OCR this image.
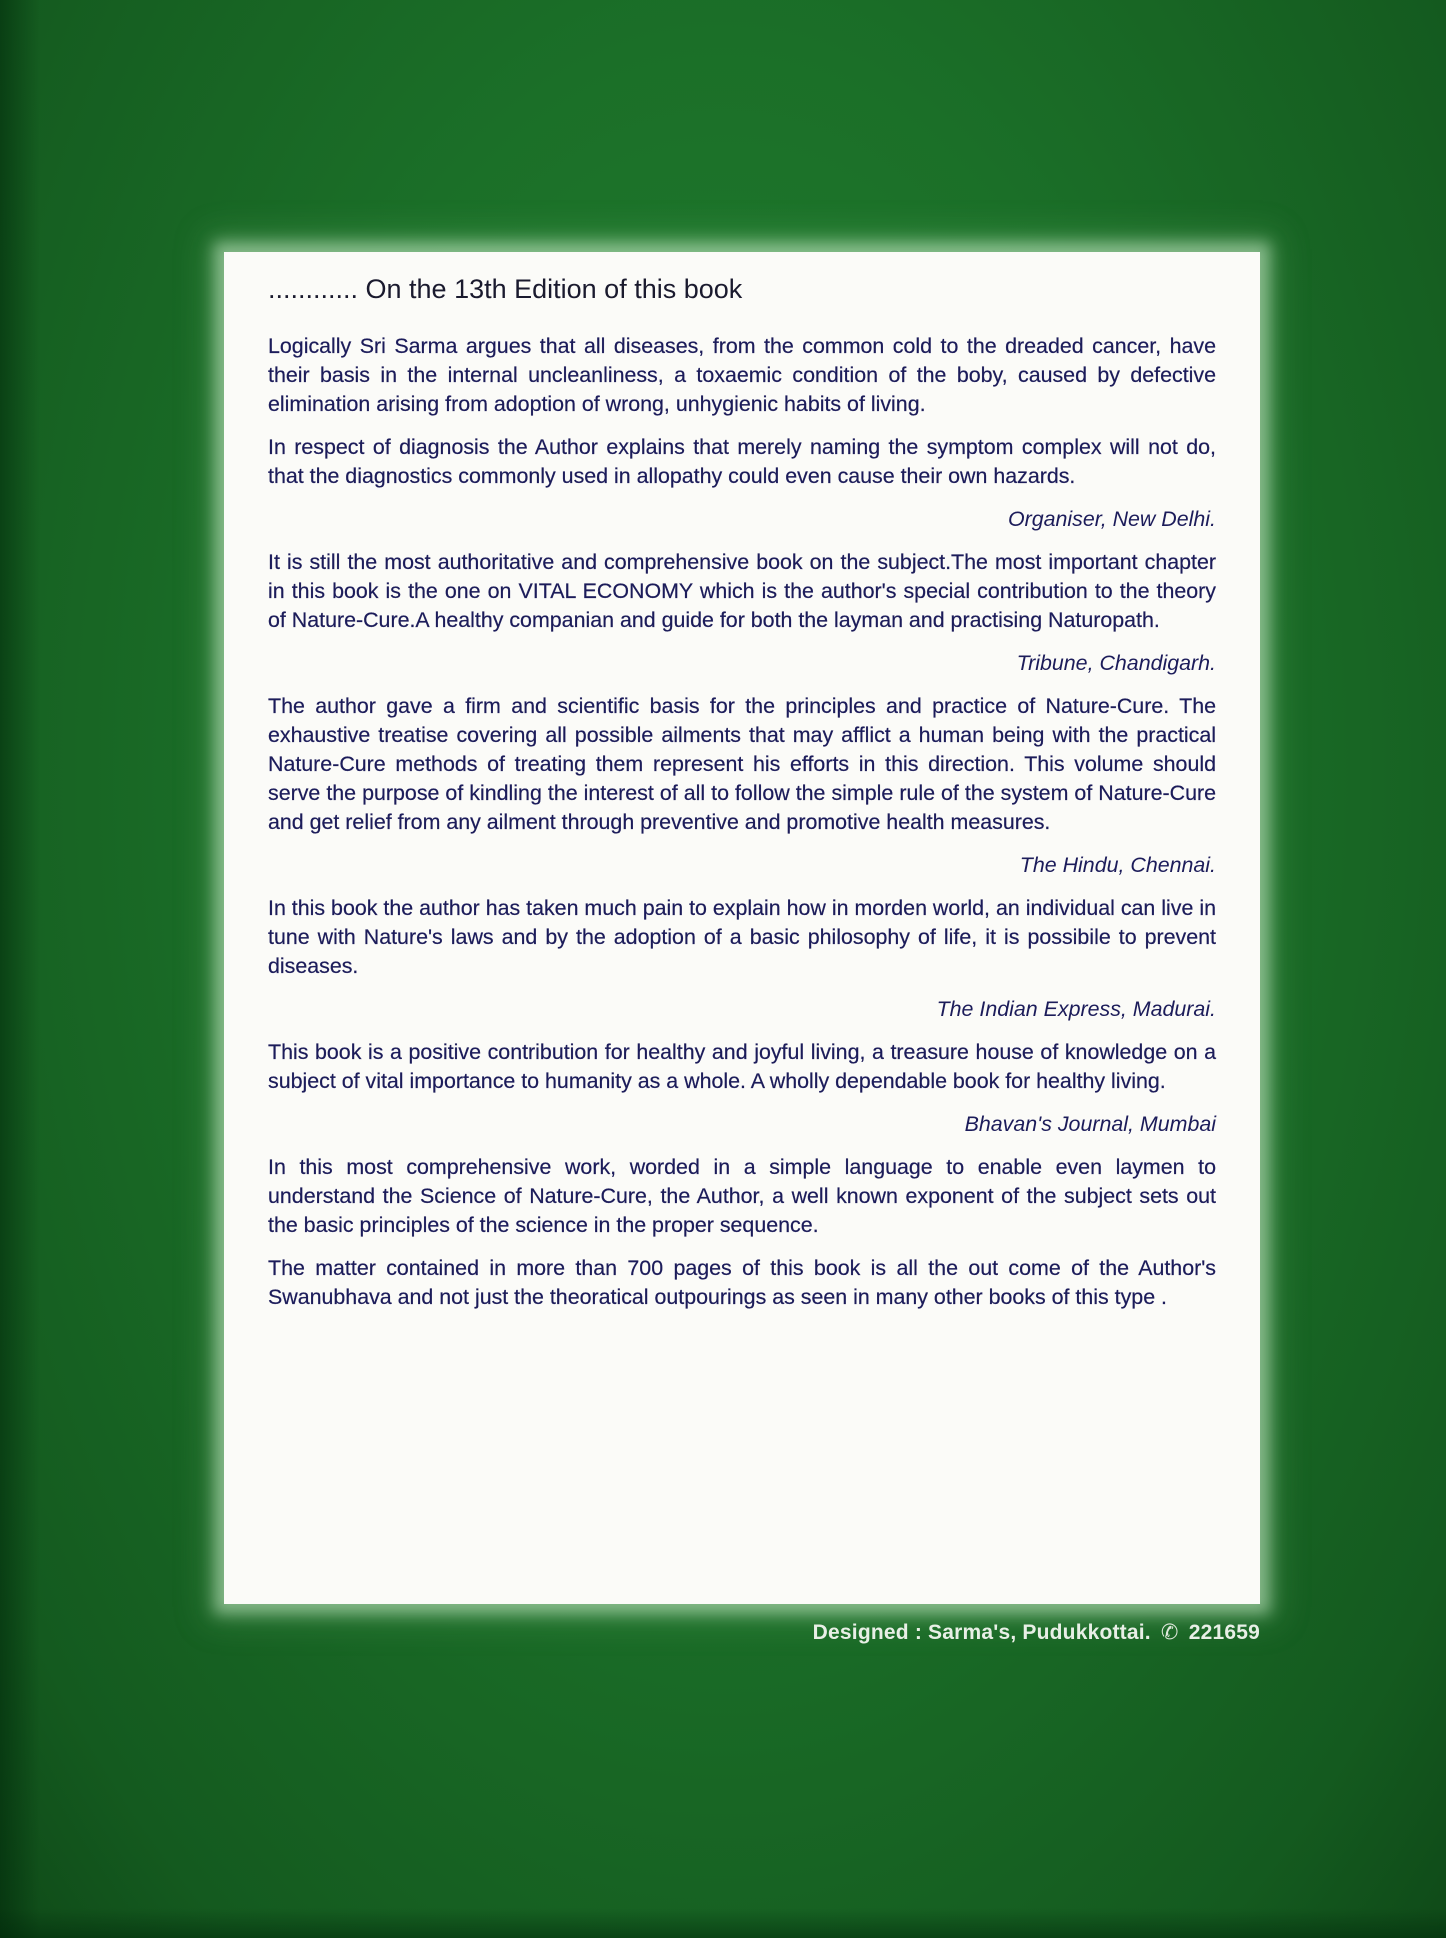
............ On the 13th Edition of this book

Logically Sri Sarma argues that all diseases, from the common cold to the dreaded cancer, have their basis in the internal uncleanliness, a toxaemic condition of the boby, caused by defective elimination arising from adoption of wrong, unhygienic habits of living.

In respect of diagnosis the Author explains that merely naming the symptom complex will not do, that the diagnostics commonly used in allopathy could even cause their own hazards.

Organiser, New Delhi.

It is still the most authoritative and comprehensive book on the subject.The most important chapter in this book is the one on VITAL ECONOMY which is the author's special contribution to the theory of Nature-Cure.A healthy companian and guide for both the layman and practising Naturopath.

Tribune, Chandigarh.

The author gave a firm and scientific basis for the principles and practice of Nature-Cure. The exhaustive treatise covering all possible ailments that may afflict a human being with the practical Nature-Cure methods of treating them represent his efforts in this direction. This volume should serve the purpose of kindling the interest of all to follow the simple rule of the system of Nature-Cure and get relief from any ailment through preventive and promotive health measures.

The Hindu, Chennai.

In this book the author has taken much pain to explain how in morden world, an individual can live in tune with Nature's laws and by the adoption of a basic philosophy of life, it is possibile to prevent diseases.

The Indian Express, Madurai.

This book is a positive contribution for healthy and joyful living, a treasure house of knowledge on a subject of vital importance to humanity as a whole. A wholly dependable book for healthy living.

Bhavan's Journal, Mumbai

In this most comprehensive work, worded in a simple language to enable even laymen to understand the Science of Nature-Cure, the Author, a well known exponent of the subject sets out the basic principles of the science in the proper sequence.

The matter contained in more than 700 pages of this book is all the out come of the Author's Swanubhava and not just the theoratical outpourings as seen in many other books of this type .

Designed : Sarma's, Pudukkottai. ✆ 221659
